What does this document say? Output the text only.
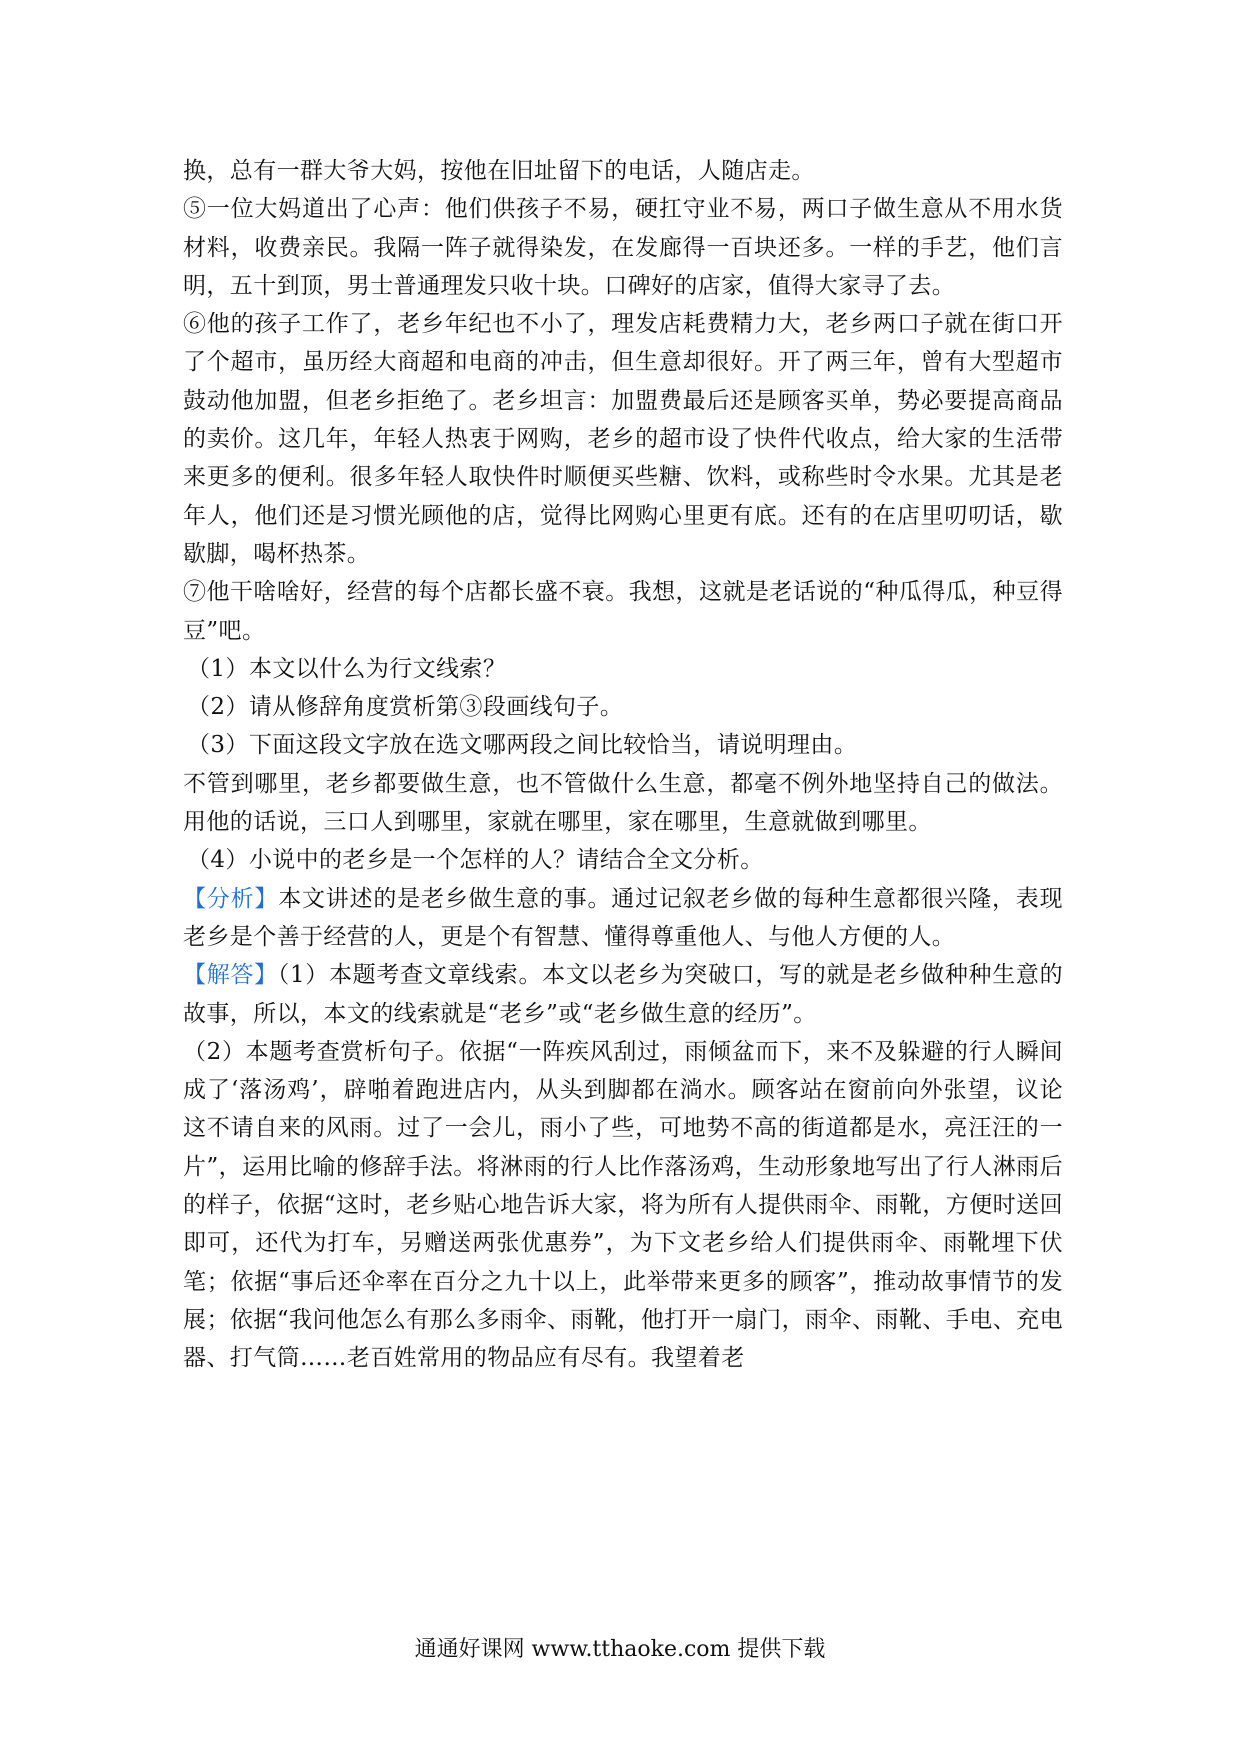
换，总有一群大爷大妈，按他在旧址留下的电话，人随店走。

⑤一位大妈道出了心声：他们供孩子不易，硬扛守业不易，两口子做生意从不用水货材料，收费亲民。我隔一阵子就得染发，在发廊得一百块还多。一样的手艺，他们言明，五十到顶，男士普通理发只收十块。口碑好的店家，值得大家寻了去。

⑥他的孩子工作了，老乡年纪也不小了，理发店耗费精力大，老乡两口子就在街口开了个超市，虽历经大商超和电商的冲击，但生意却很好。开了两三年，曾有大型超市鼓动他加盟，但老乡拒绝了。老乡坦言：加盟费最后还是顾客买单，势必要提高商品的卖价。这几年，年轻人热衷于网购，老乡的超市设了快件代收点，给大家的生活带来更多的便利。很多年轻人取快件时顺便买些糖、饮料，或称些时令水果。尤其是老年人，他们还是习惯光顾他的店，觉得比网购心里更有底。还有的在店里叨叨话，歇歇脚，喝杯热茶。

⑦他干啥啥好，经营的每个店都长盛不衰。我想，这就是老话说的“种瓜得瓜，种豆得豆”吧。

（1）本文以什么为行文线索？

（2）请从修辞角度赏析第③段画线句子。

（3）下面这段文字放在选文哪两段之间比较恰当，请说明理由。

不管到哪里，老乡都要做生意，也不管做什么生意，都毫不例外地坚持自己的做法。用他的话说，三口人到哪里，家就在哪里，家在哪里，生意就做到哪里。

（4）小说中的老乡是一个怎样的人？请结合全文分析。

【分析】本文讲述的是老乡做生意的事。通过记叙老乡做的每种生意都很兴隆，表现老乡是个善于经营的人，更是个有智慧、懂得尊重他人、与他人方便的人。

【解答】（1）本题考查文章线索。本文以老乡为突破口，写的就是老乡做种种生意的故事，所以，本文的线索就是“老乡”或“老乡做生意的经历”。

（2）本题考查赏析句子。依据“一阵疾风刮过，雨倾盆而下，来不及躲避的行人瞬间成了‘落汤鸡’，辟啪着跑进店内，从头到脚都在淌水。顾客站在窗前向外张望，议论这不请自来的风雨。过了一会儿，雨小了些，可地势不高的街道都是水，亮汪汪的一片”，运用比喻的修辞手法。将淋雨的行人比作落汤鸡，生动形象地写出了行人淋雨后的样子，依据“这时，老乡贴心地告诉大家，将为所有人提供雨伞、雨靴，方便时送回即可，还代为打车，另赠送两张优惠券”，为下文老乡给人们提供雨伞、雨靴埋下伏笔；依据“事后还伞率在百分之九十以上，此举带来更多的顾客”，推动故事情节的发展；依据“我问他怎么有那么多雨伞、雨靴，他打开一扇门，雨伞、雨靴、手电、充电器、打气筒……老百姓常用的物品应有尽有。我望着老

通通好课网 www.tthaoke.com 提供下载
